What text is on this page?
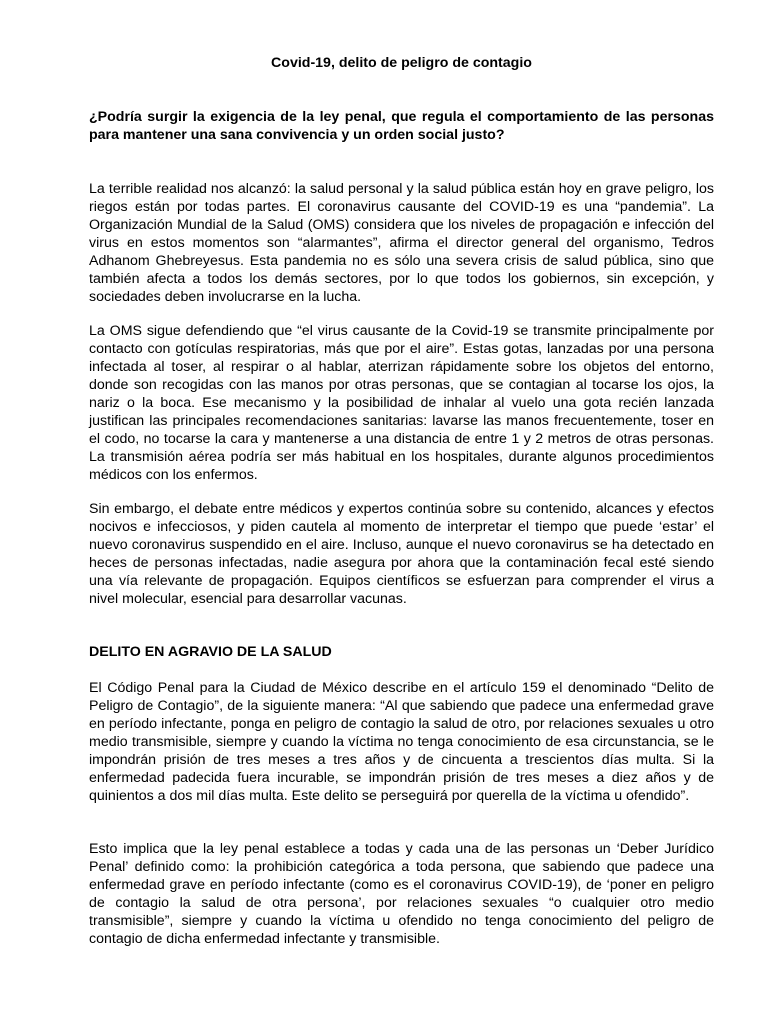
Covid-19, delito de peligro de contagio

¿Podría surgir la exigencia de la ley penal, que regula el comportamiento de las personas para mantener una sana convivencia y un orden social justo?

La terrible realidad nos alcanzó: la salud personal y la salud pública están hoy en grave peligro, los riegos están por todas partes. El coronavirus causante del COVID-19 es una “pandemia”. La Organización Mundial de la Salud (OMS) considera que los niveles de propagación e infección del virus en estos momentos son “alarmantes”, afirma el director general del organismo, Tedros Adhanom Ghebreyesus. Esta pandemia no es sólo una severa crisis de salud pública, sino que también afecta a todos los demás sectores, por lo que todos los gobiernos, sin excepción, y sociedades deben involucrarse en la lucha.

La OMS sigue defendiendo que “el virus causante de la Covid-19 se transmite principalmente por contacto con gotículas respiratorias, más que por el aire”. Estas gotas, lanzadas por una persona infectada al toser, al respirar o al hablar, aterrizan rápidamente sobre los objetos del entorno, donde son recogidas con las manos por otras personas, que se contagian al tocarse los ojos, la nariz o la boca. Ese mecanismo y la posibilidad de inhalar al vuelo una gota recién lanzada justifican las principales recomendaciones sanitarias: lavarse las manos frecuentemente, toser en el codo, no tocarse la cara y mantenerse a una distancia de entre 1 y 2 metros de otras personas. La transmisión aérea podría ser más habitual en los hospitales, durante algunos procedimientos médicos con los enfermos.

Sin embargo, el debate entre médicos y expertos continúa sobre su contenido, alcances y efectos nocivos e infecciosos, y piden cautela al momento de interpretar el tiempo que puede ‘estar’ el nuevo coronavirus suspendido en el aire. Incluso, aunque el nuevo coronavirus se ha detectado en heces de personas infectadas, nadie asegura por ahora que la contaminación fecal esté siendo una vía relevante de propagación. Equipos científicos se esfuerzan para comprender el virus a nivel molecular, esencial para desarrollar vacunas.

DELITO EN AGRAVIO DE LA SALUD

El Código Penal para la Ciudad de México describe en el artículo 159 el denominado “Delito de Peligro de Contagio”, de la siguiente manera: “Al que sabiendo que padece una enfermedad grave en período infectante, ponga en peligro de contagio la salud de otro, por relaciones sexuales u otro medio transmisible, siempre y cuando la víctima no tenga conocimiento de esa circunstancia, se le impondrán prisión de tres meses a tres años y de cincuenta a trescientos días multa. Si la enfermedad padecida fuera incurable, se impondrán prisión de tres meses a diez años y de quinientos a dos mil días multa. Este delito se perseguirá por querella de la víctima u ofendido”.

Esto implica que la ley penal establece a todas y cada una de las personas un ‘Deber Jurídico Penal’ definido como: la prohibición categórica a toda persona, que sabiendo que padece una enfermedad grave en período infectante (como es el coronavirus COVID-19), de ‘poner en peligro de contagio la salud de otra persona’, por relaciones sexuales “o cualquier otro medio transmisible”, siempre y cuando la víctima u ofendido no tenga conocimiento del peligro de contagio de dicha enfermedad infectante y transmisible.
